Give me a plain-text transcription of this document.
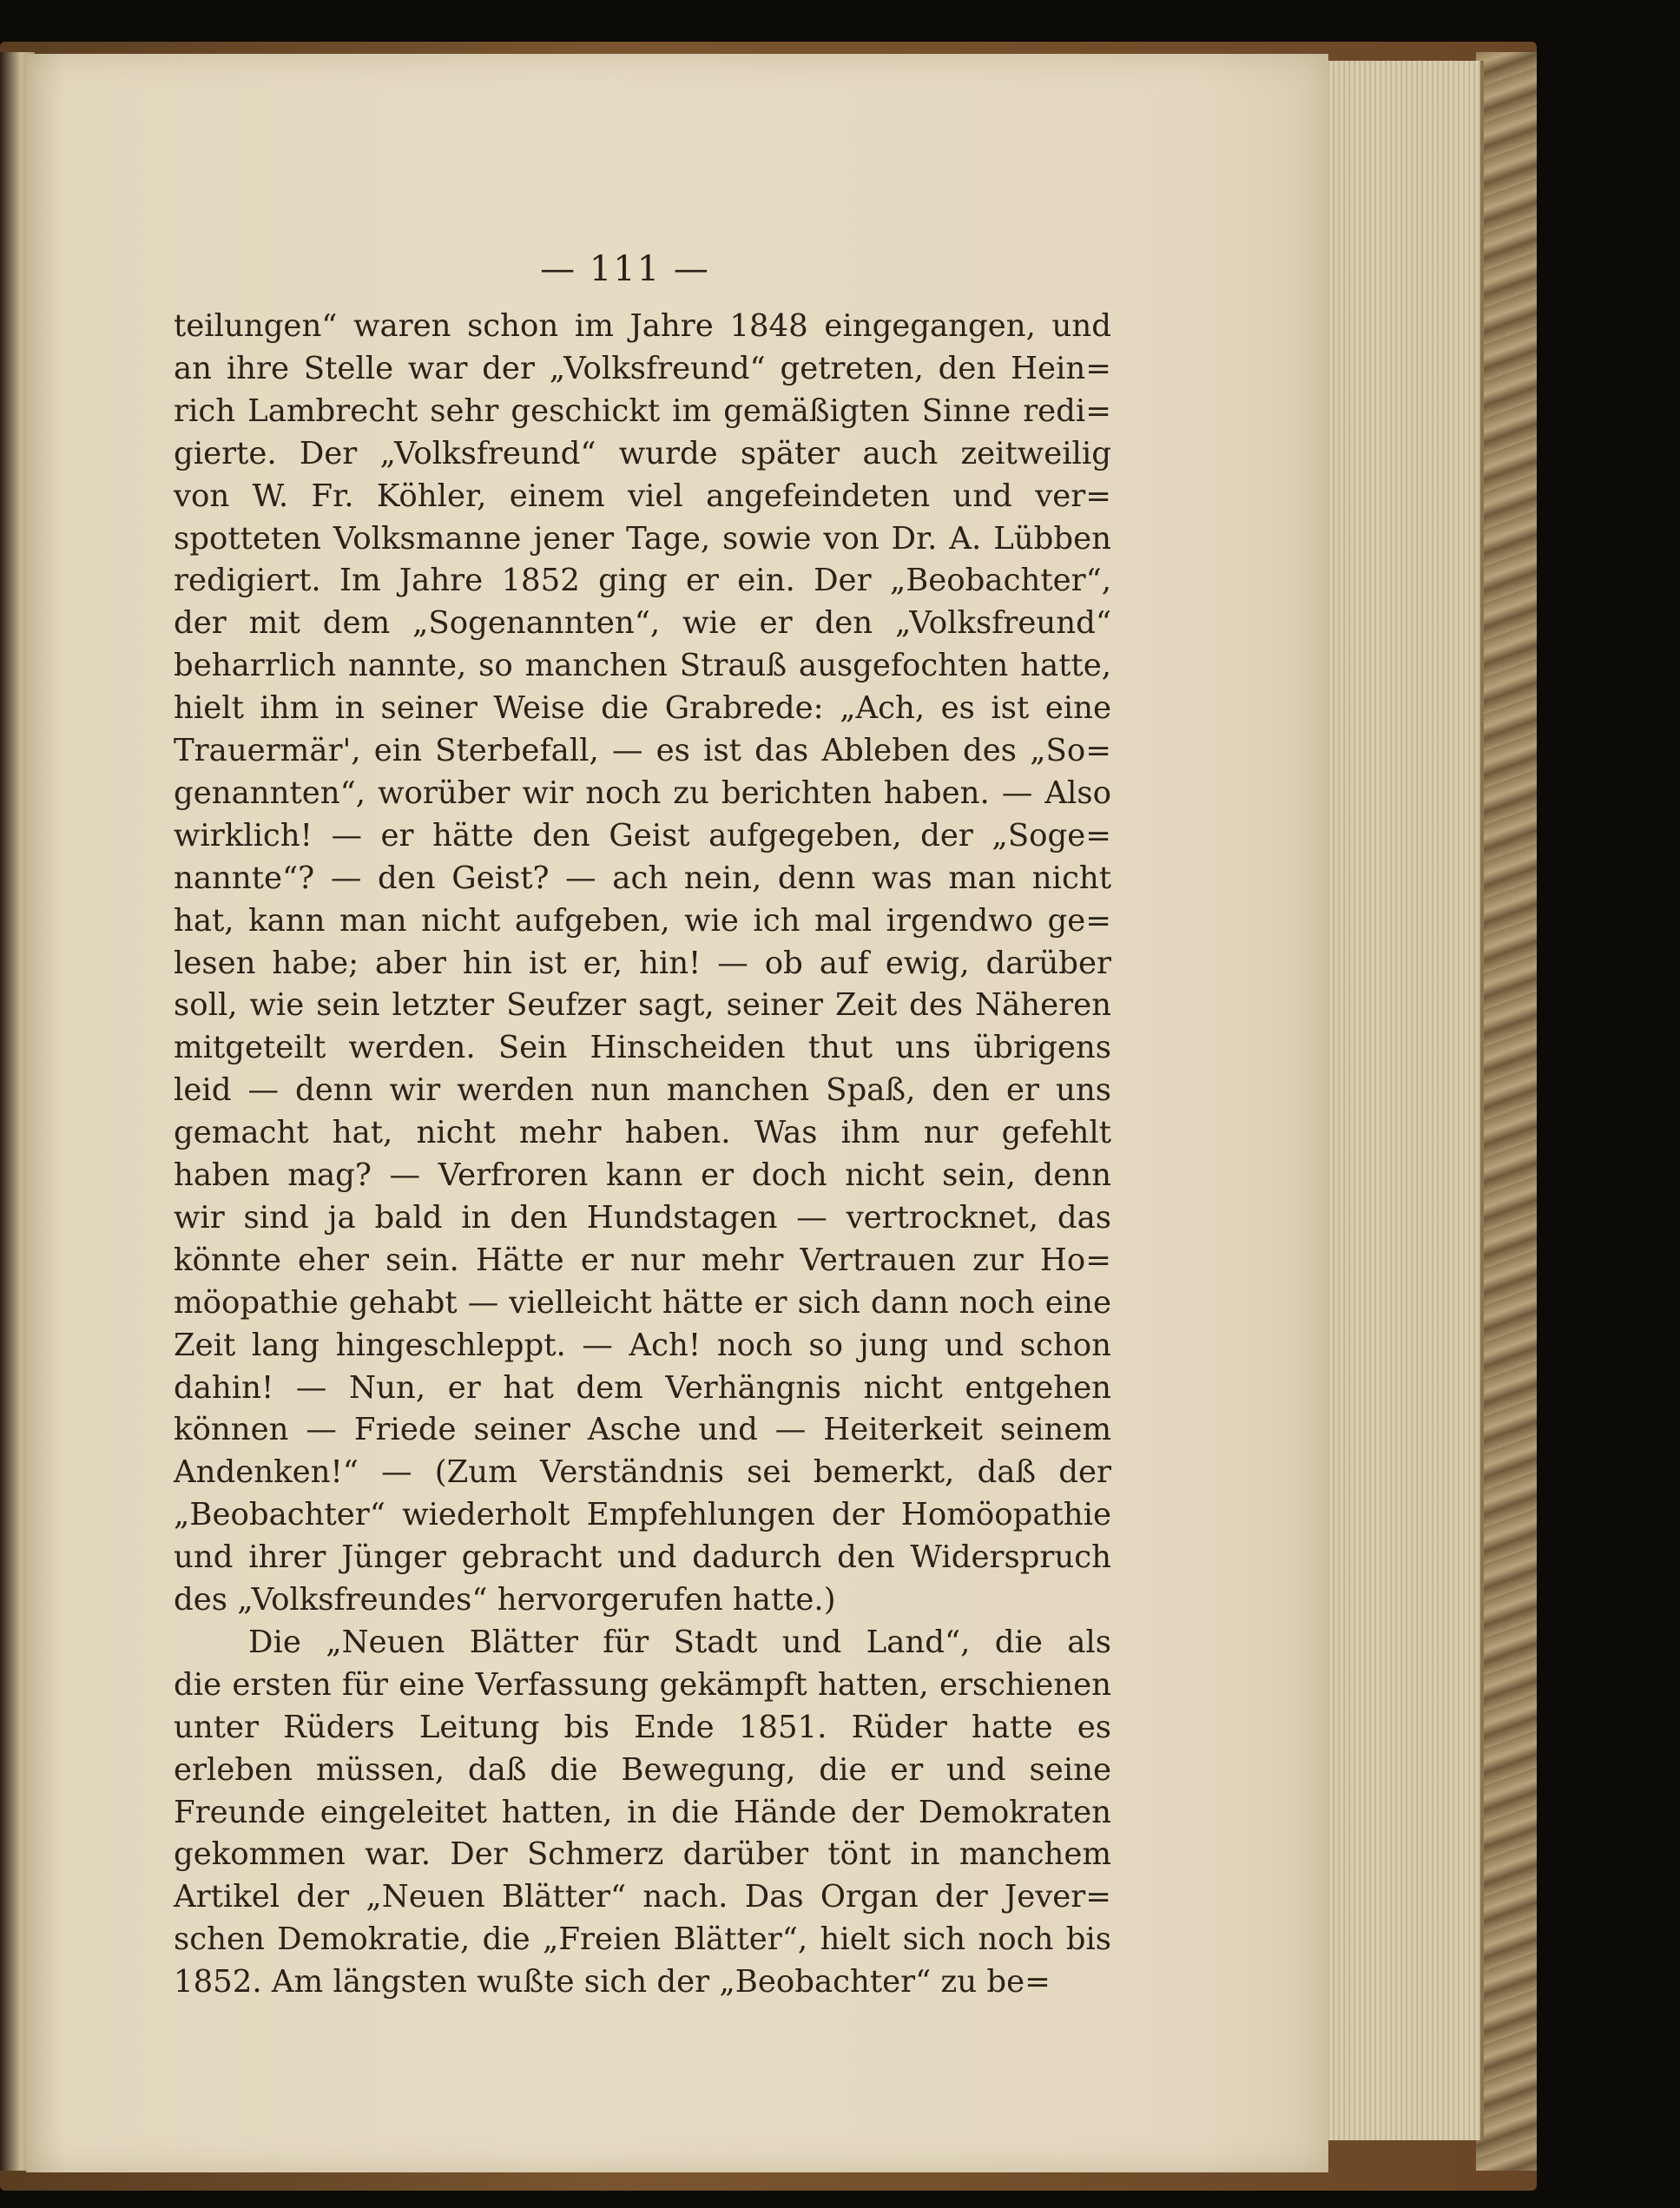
— 111 —
teilungen“ waren schon im Jahre 1848 eingegangen, und
an ihre Stelle war der „Volksfreund“ getreten, den Hein=
rich Lambrecht sehr geschickt im gemäßigten Sinne redi=
gierte. Der „Volksfreund“ wurde später auch zeitweilig
von W. Fr. Köhler, einem viel angefeindeten und ver=
spotteten Volksmanne jener Tage, sowie von Dr. A. Lübben
redigiert. Im Jahre 1852 ging er ein. Der „Beobachter“,
der mit dem „Sogenannten“, wie er den „Volksfreund“
beharrlich nannte, so manchen Strauß ausgefochten hatte,
hielt ihm in seiner Weise die Grabrede: „Ach, es ist eine
Trauermär', ein Sterbefall, — es ist das Ableben des „So=
genannten“, worüber wir noch zu berichten haben. — Also
wirklich! — er hätte den Geist aufgegeben, der „Soge=
nannte“? — den Geist? — ach nein, denn was man nicht
hat, kann man nicht aufgeben, wie ich mal irgendwo ge=
lesen habe; aber hin ist er, hin! — ob auf ewig, darüber
soll, wie sein letzter Seufzer sagt, seiner Zeit des Näheren
mitgeteilt werden. Sein Hinscheiden thut uns übrigens
leid — denn wir werden nun manchen Spaß, den er uns
gemacht hat, nicht mehr haben. Was ihm nur gefehlt
haben mag? — Verfroren kann er doch nicht sein, denn
wir sind ja bald in den Hundstagen — vertrocknet, das
könnte eher sein. Hätte er nur mehr Vertrauen zur Ho=
möopathie gehabt — vielleicht hätte er sich dann noch eine
Zeit lang hingeschleppt. — Ach! noch so jung und schon
dahin! — Nun, er hat dem Verhängnis nicht entgehen
können — Friede seiner Asche und — Heiterkeit seinem
Andenken!“ — (Zum Verständnis sei bemerkt, daß der
„Beobachter“ wiederholt Empfehlungen der Homöopathie
und ihrer Jünger gebracht und dadurch den Widerspruch
des „Volksfreundes“ hervorgerufen hatte.)
Die „Neuen Blätter für Stadt und Land“, die als
die ersten für eine Verfassung gekämpft hatten, erschienen
unter Rüders Leitung bis Ende 1851. Rüder hatte es
erleben müssen, daß die Bewegung, die er und seine
Freunde eingeleitet hatten, in die Hände der Demokraten
gekommen war. Der Schmerz darüber tönt in manchem
Artikel der „Neuen Blätter“ nach. Das Organ der Jever=
schen Demokratie, die „Freien Blätter“, hielt sich noch bis
1852. Am längsten wußte sich der „Beobachter“ zu be=
